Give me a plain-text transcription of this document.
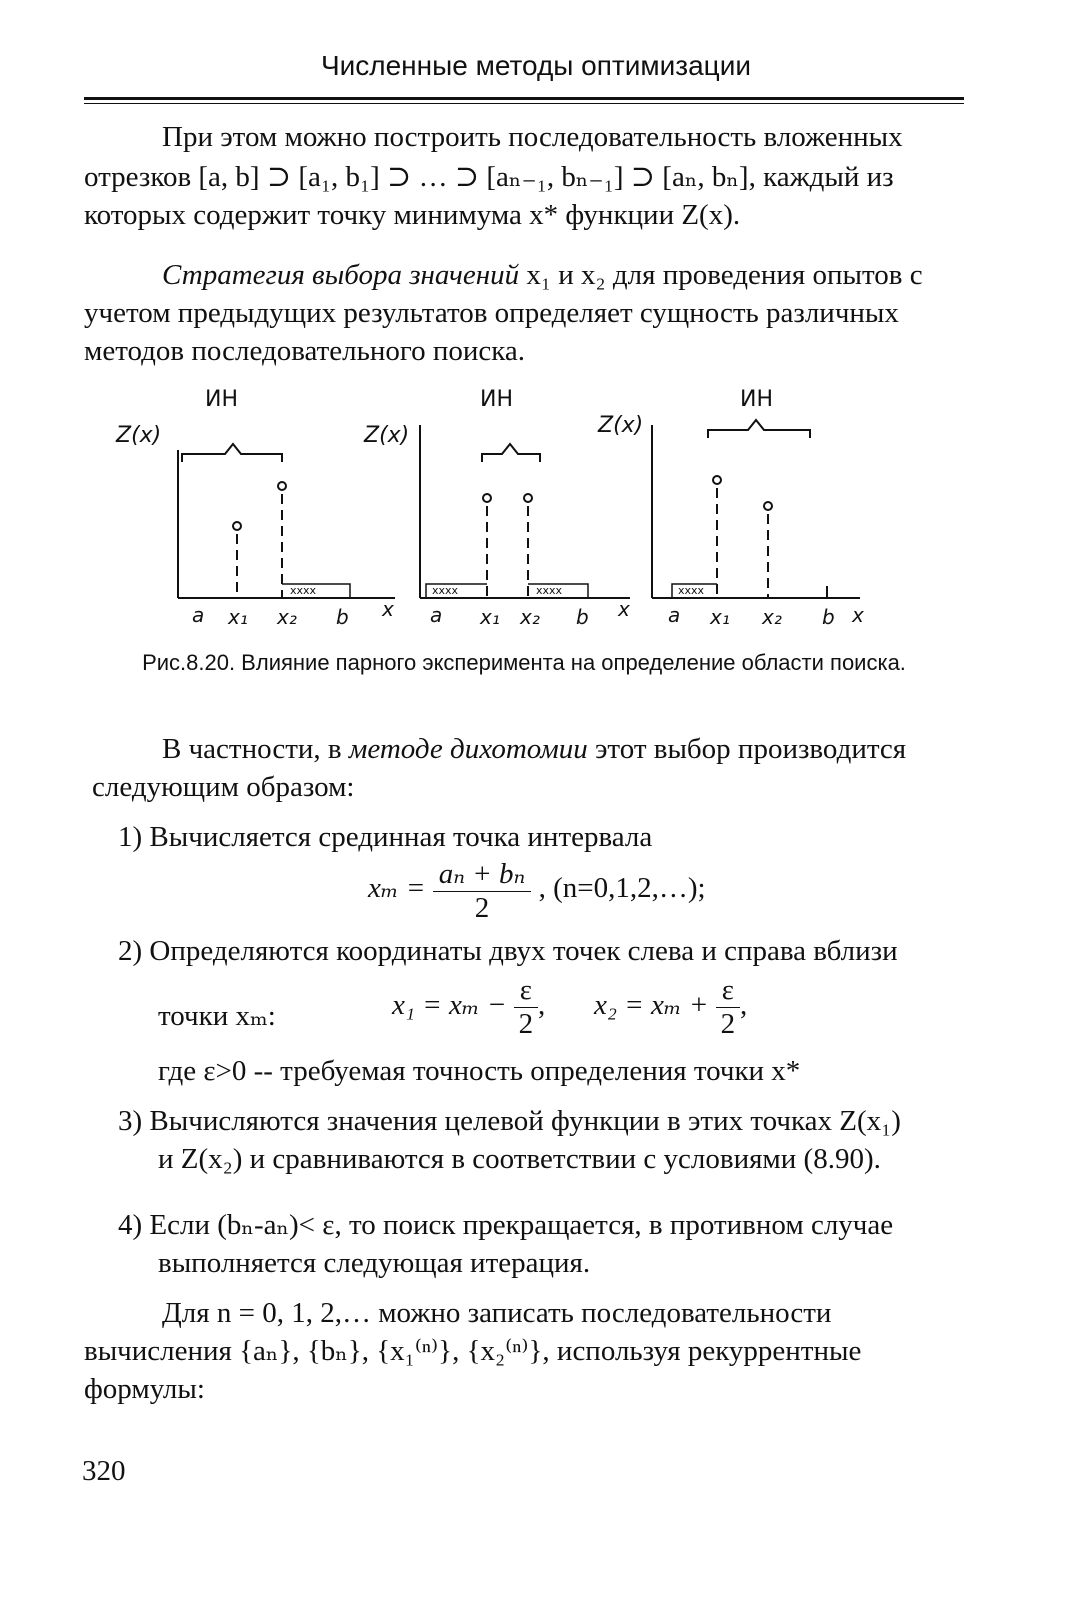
Численные методы оптимизации
При этом можно построить последовательность вложенных
отрезков [a, b] ⊃ [a₁, b₁] ⊃ … ⊃ [aₙ₋₁, bₙ₋₁] ⊃ [aₙ, bₙ], каждый из
которых содержит точку минимума x* функции Z(x).
Стратегия выбора значений x₁ и x₂ для проведения опытов с
учетом предыдущих результатов определяет сущность различных
методов последовательного поиска.
xxxx	xxxx	xxxx	xxxx
ИН	ИН	ИН
Z(x)	Z(x)	Z(x)
a x₁ x₂ b x a x₁ x₂ b x a x₁ x₂ b x
Рис.8.20. Влияние парного эксперимента на определение области поиска.
В частности, в методе дихотомии этот выбор производится
следующим образом:
1) Вычисляется срединная точка интервала
$x_m = \frac{\text{aₙ + bₙ}}{2}$ , (n=0,1,2,…);
2) Определяются координаты двух точек слева и справа вблизи
точки xₘ:	$x_1 = x_m - \frac{\varepsilon}{2}$ , $x_2 = x_m + \frac{\varepsilon}{2}$ ,
где ε>0 -- требуемая точность определения точки x*
3) Вычисляются значения целевой функции в этих точках Z(x₁)
и Z(x₂) и сравниваются в соответствии с условиями (8.90).
4) Если (bₙ-aₙ)< ε, то поиск прекращается, в противном случае
выполняется следующая итерация.
Для n = 0, 1, 2,… можно записать последовательности
вычисления {aₙ}, {bₙ}, {x₁⁽ⁿ⁾}, {x₂⁽ⁿ⁾}, используя рекуррентные
формулы:
320
